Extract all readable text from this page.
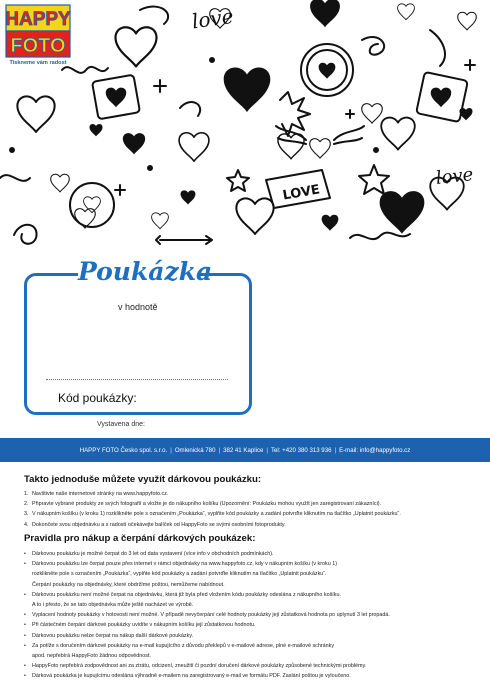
LOVE
love
love
HAPPY
FOTO
Tiskneme vám radost
Poukázka
v hodnotě
Kód poukázky:
Vystavena dne:
HAPPY FOTO Česko spol. s.r.o. | Omlenická 780 | 382 41 Kaplice | Tel: +420 380 313 936 | E-mail: info@happyfoto.cz
Takto jednoduše můžete využít dárkovou poukázku:
1. Navštivte naše internetové stránky na www.happyfoto.cz.
2. Připravte vybrané produkty ze svých fotografií a vložte je do nákupního košíku (Upozornění: Poukázku mohou využít jen zaregistrovaní zákazníci).
3. V nákupním košíku (v kroku 1) rozklikněte pole s označením „Poukázka“, vyplňte kód poukázky a zadání potvrďte kliknutím na tlačítko „Uplatnit poukázku“.
4. Dokončete svou objednávku a s radostí očekávejte balíček od HappyFoto se svými osobními fotoprodukty.
Pravidla pro nákup a čerpání dárkových poukázek:
• Dárkovou poukázku je možné čerpat do 3 let od data vystavení (více info v obchodních podmínkách).
• Dárkovou poukázku lze čerpat pouze přes internet v rámci objednávky na www.happyfoto.cz, kdy v nákupním košíku (v kroku 1)
rozklikněte pole s označením „Poukázka“, vyplňte kód poukázky a zadání potvrďte kliknutím na tlačítko „Uplatnit poukázku“.
Čerpání poukázky na objednávky, které obdržíme poštou, nemůžeme nabídnout.
• Dárkovou poukázku není možné čerpat na objednávku, která již byla před vložením kódu poukázky odeslána z nákupního košíku.
A to i přesto, že se tato objednávka může ještě nacházet ve výrobě.
• Vyplacení hodnoty poukázky v hotovosti není možné. V případě nevyčerpání celé hodnoty poukázky její zůstatková hodnota po uplynutí 3 let propadá.
• Při částečném čerpání dárkové poukázky uvidíte v nákupním košíku její zůstatkovou hodnotu.
• Dárkovou poukázku nelze čerpat na nákup další dárkové poukázky.
• Za potíže s doručením dárkové poukázky na e-mail kupujícího z důvodu překlepů v e-mailové adrese, plné e-mailové schránky
apod. nepřebírá HappyFoto žádnou odpovědnost.
• HappyFoto nepřebírá zodpovědnost ani za ztrátu, odcizení, zneužití či pozdní doručení dárkové poukázky způsobené technickými problémy.
• Dárková poukázka je kupujícímu odeslána výhradně e-mailem na zaregistrovaný e-mail ve formátu PDF. Zaslání poštou je vyloučeno.
